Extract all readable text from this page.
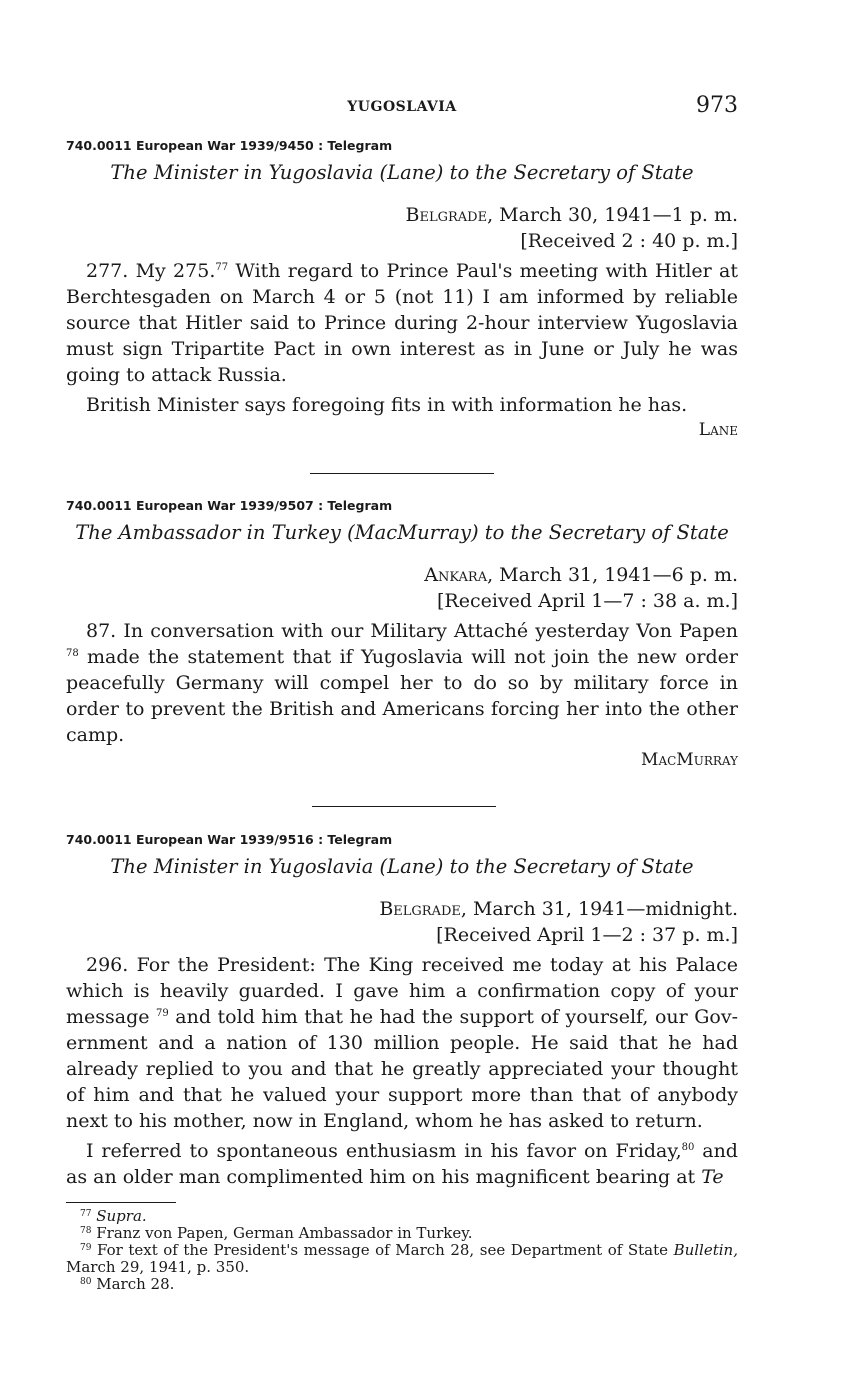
YUGOSLAVIA	973

740.0011 European War 1939/9450 : Telegram

The Minister in Yugoslavia (Lane) to the Secretary of State

Belgrade, March 30, 1941—1 p. m.

[Received 2 : 40 p. m.]

277. My 275.77 With regard to Prince Paul's meeting with Hitler at Berchtesgaden on March 4 or 5 (not 11) I am informed by reliable source that Hitler said to Prince during 2-hour interview Yugoslavia must sign Tripartite Pact in own interest as in June or July he was going to attack Russia.

British Minister says foregoing fits in with information he has.

Lane

740.0011 European War 1939/9507 : Telegram

The Ambassador in Turkey (MacMurray) to the Secretary of State

Ankara, March 31, 1941—6 p. m.

[Received April 1—7 : 38 a. m.]

87. In conversation with our Military Attaché yesterday Von Papen $^{78}$ made the statement that if Yugoslavia will not join the new order peacefully Germany will compel her to do so by military force in order to prevent the British and Americans forcing her into the other camp.

MacMurray

740.0011 European War 1939/9516 : Telegram

The Minister in Yugoslavia (Lane) to the Secretary of State

Belgrade, March 31, 1941—midnight.

[Received April 1—2 : 37 p. m.]

296. For the President: The King received me today at his Palace which is heavily guarded. I gave him a confirmation copy of your message $^{79}$ and told him that he had the support of yourself, our Gov-ernment and a nation of 130 million people. He said that he had already replied to you and that he greatly appreciated your thought of him and that he valued your support more than that of anybody next to his mother, now in England, whom he has asked to return.

I referred to spontaneous enthusiasm in his favor on Friday,$^{80}$ and as an older man complimented him on his magnificent bearing at Te

$^{77}$ Supra.

$^{78}$ Franz von Papen, German Ambassador in Turkey.

$^{79}$ For text of the President's message of March 28, see Department of State Bulletin, March 29, 1941, p. 350.

$^{80}$ March 28.
